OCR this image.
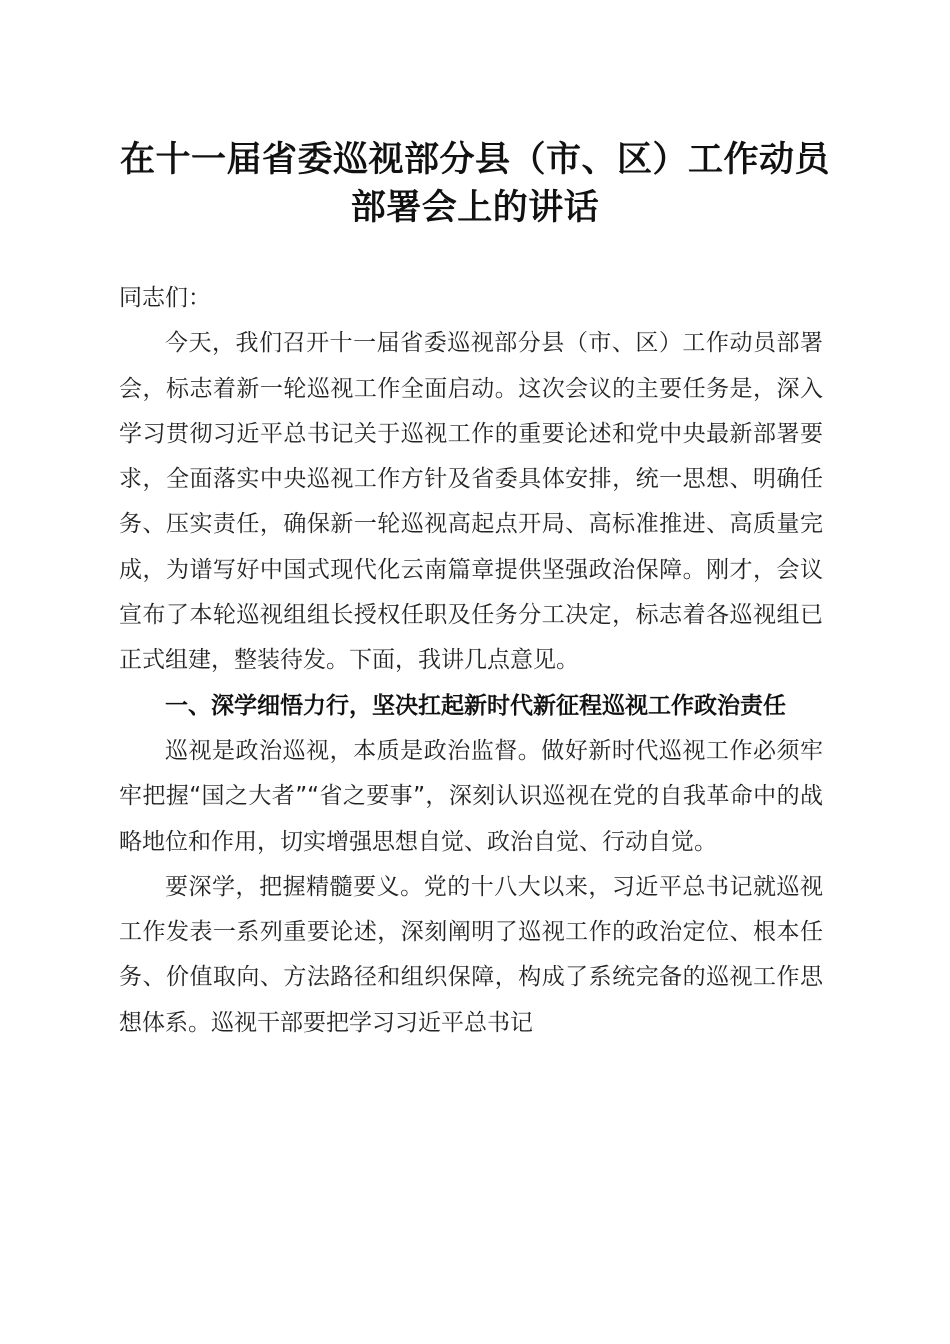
在十一届省委巡视部分县（市、区）工作动员
部署会上的讲话

同志们：

今天，我们召开十一届省委巡视部分县（市、区）工作动员部署会，标志着新一轮巡视工作全面启动。这次会议的主要任务是，深入学习贯彻习近平总书记关于巡视工作的重要论述和党中央最新部署要求，全面落实中央巡视工作方针及省委具体安排，统一思想、明确任务、压实责任，确保新一轮巡视高起点开局、高标准推进、高质量完成，为谱写好中国式现代化云南篇章提供坚强政治保障。刚才，会议宣布了本轮巡视组组长授权任职及任务分工决定，标志着各巡视组已正式组建，整装待发。下面，我讲几点意见。

一、深学细悟力行，坚决扛起新时代新征程巡视工作政治责任

巡视是政治巡视，本质是政治监督。做好新时代巡视工作必须牢牢把握“国之大者”“省之要事”，深刻认识巡视在党的自我革命中的战略地位和作用，切实增强思想自觉、政治自觉、行动自觉。

要深学，把握精髓要义。党的十八大以来，习近平总书记就巡视工作发表一系列重要论述，深刻阐明了巡视工作的政治定位、根本任务、价值取向、方法路径和组织保障，构成了系统完备的巡视工作思想体系。巡视干部要把学习习近平总书记
